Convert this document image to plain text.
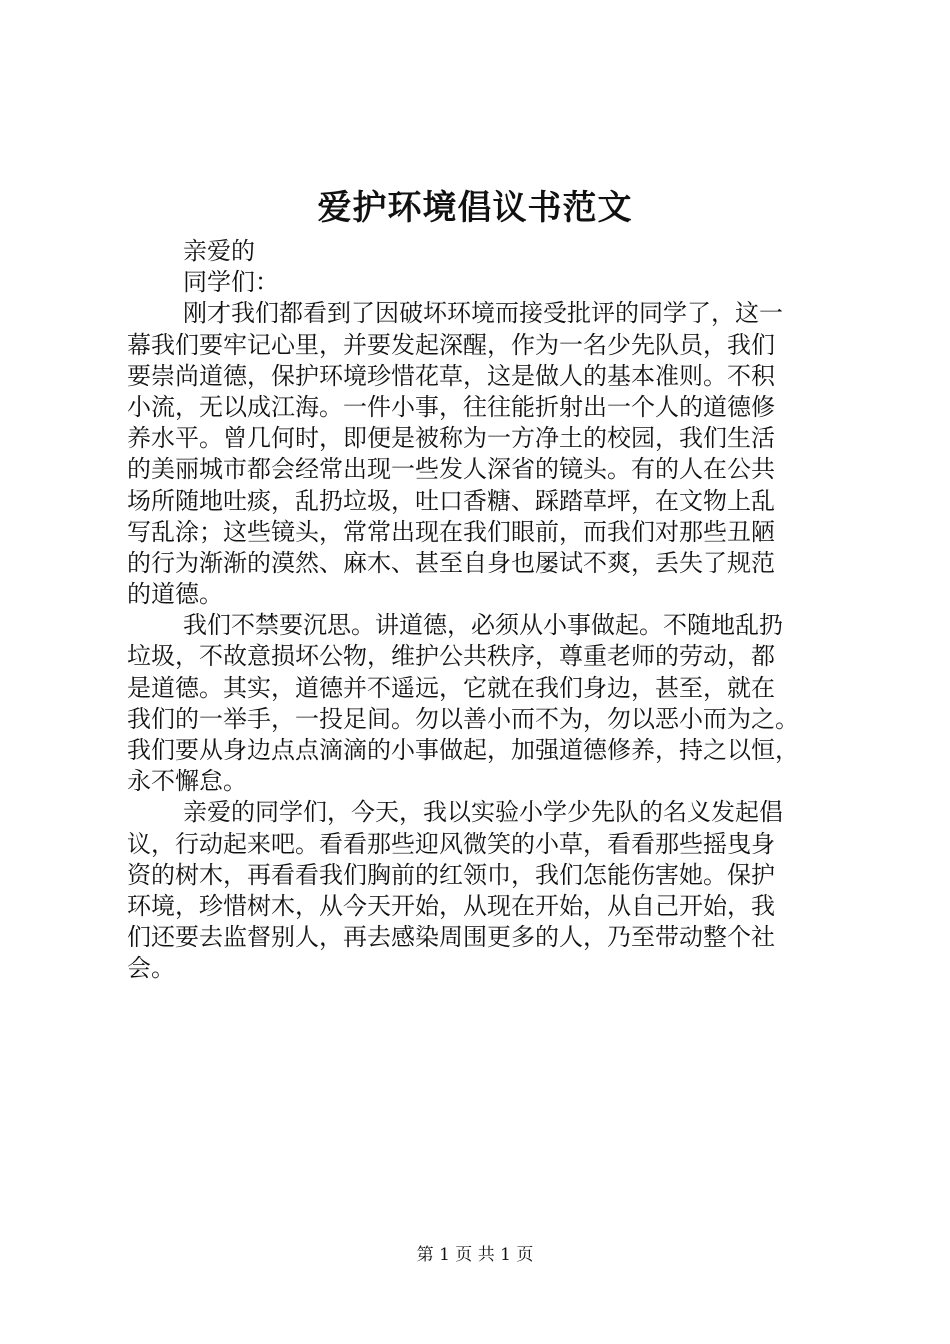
爱护环境倡议书范文
亲爱的
同学们：
刚才我们都看到了因破坏环境而接受批评的同学了，这一
幕我们要牢记心里，并要发起深醒，作为一名少先队员，我们
要崇尚道德，保护环境珍惜花草，这是做人的基本准则。不积
小流，无以成江海。一件小事，往往能折射出一个人的道德修
养水平。曾几何时，即便是被称为一方净土的校园，我们生活
的美丽城市都会经常出现一些发人深省的镜头。有的人在公共
场所随地吐痰，乱扔垃圾，吐口香糖、踩踏草坪，在文物上乱
写乱涂；这些镜头，常常出现在我们眼前，而我们对那些丑陋
的行为渐渐的漠然、麻木、甚至自身也屡试不爽，丢失了规范
的道德。
我们不禁要沉思。讲道德，必须从小事做起。不随地乱扔
垃圾，不故意损坏公物，维护公共秩序，尊重老师的劳动，都
是道德。其实，道德并不遥远，它就在我们身边，甚至，就在
我们的一举手，一投足间。勿以善小而不为，勿以恶小而为之。
我们要从身边点点滴滴的小事做起，加强道德修养，持之以恒，
永不懈怠。
亲爱的同学们，今天，我以实验小学少先队的名义发起倡
议，行动起来吧。看看那些迎风微笑的小草，看看那些摇曳身
资的树木，再看看我们胸前的红领巾，我们怎能伤害她。保护
环境，珍惜树木，从今天开始，从现在开始，从自己开始，我
们还要去监督别人，再去感染周围更多的人，乃至带动整个社
会。
第 1 页 共 1 页
